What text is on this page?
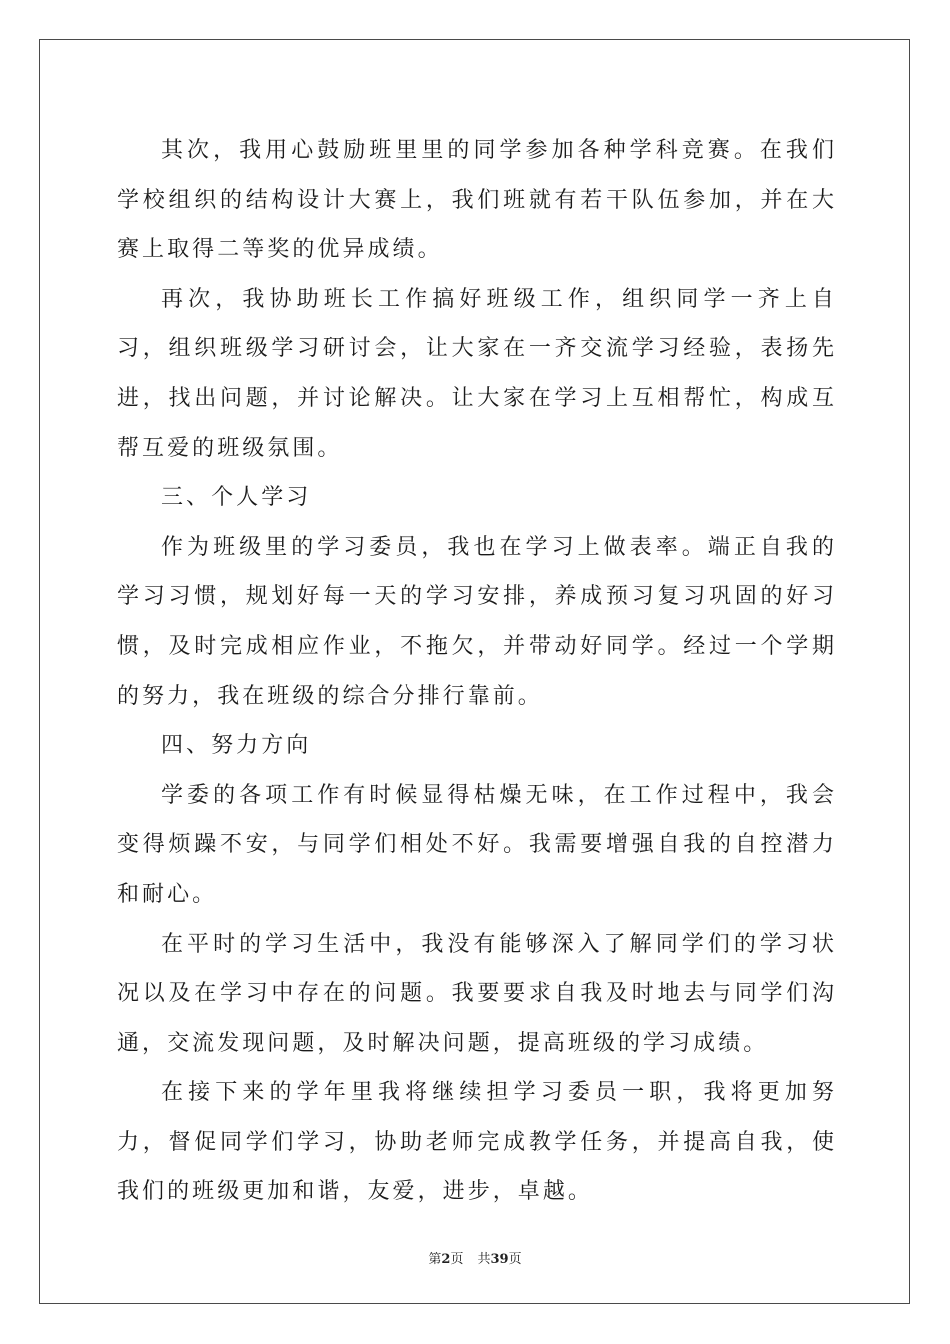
其次，我用心鼓励班里里的同学参加各种学科竞赛。在我们学校组织的结构设计大赛上，我们班就有若干队伍参加，并在大赛上取得二等奖的优异成绩。

再次，我协助班长工作搞好班级工作，组织同学一齐上自习，组织班级学习研讨会，让大家在一齐交流学习经验，表扬先进，找出问题，并讨论解决。让大家在学习上互相帮忙，构成互帮互爱的班级氛围。

三、个人学习

作为班级里的学习委员，我也在学习上做表率。端正自我的学习习惯，规划好每一天的学习安排，养成预习复习巩固的好习惯，及时完成相应作业，不拖欠，并带动好同学。经过一个学期的努力，我在班级的综合分排行靠前。

四、努力方向

学委的各项工作有时候显得枯燥无味，在工作过程中，我会变得烦躁不安，与同学们相处不好。我需要增强自我的自控潜力和耐心。

在平时的学习生活中，我没有能够深入了解同学们的学习状况以及在学习中存在的问题。我要要求自我及时地去与同学们沟通，交流发现问题，及时解决问题，提高班级的学习成绩。

在接下来的学年里我将继续担学习委员一职，我将更加努力，督促同学们学习，协助老师完成教学任务，并提高自我，使我们的班级更加和谐，友爱，进步，卓越。

第2页 共39页
